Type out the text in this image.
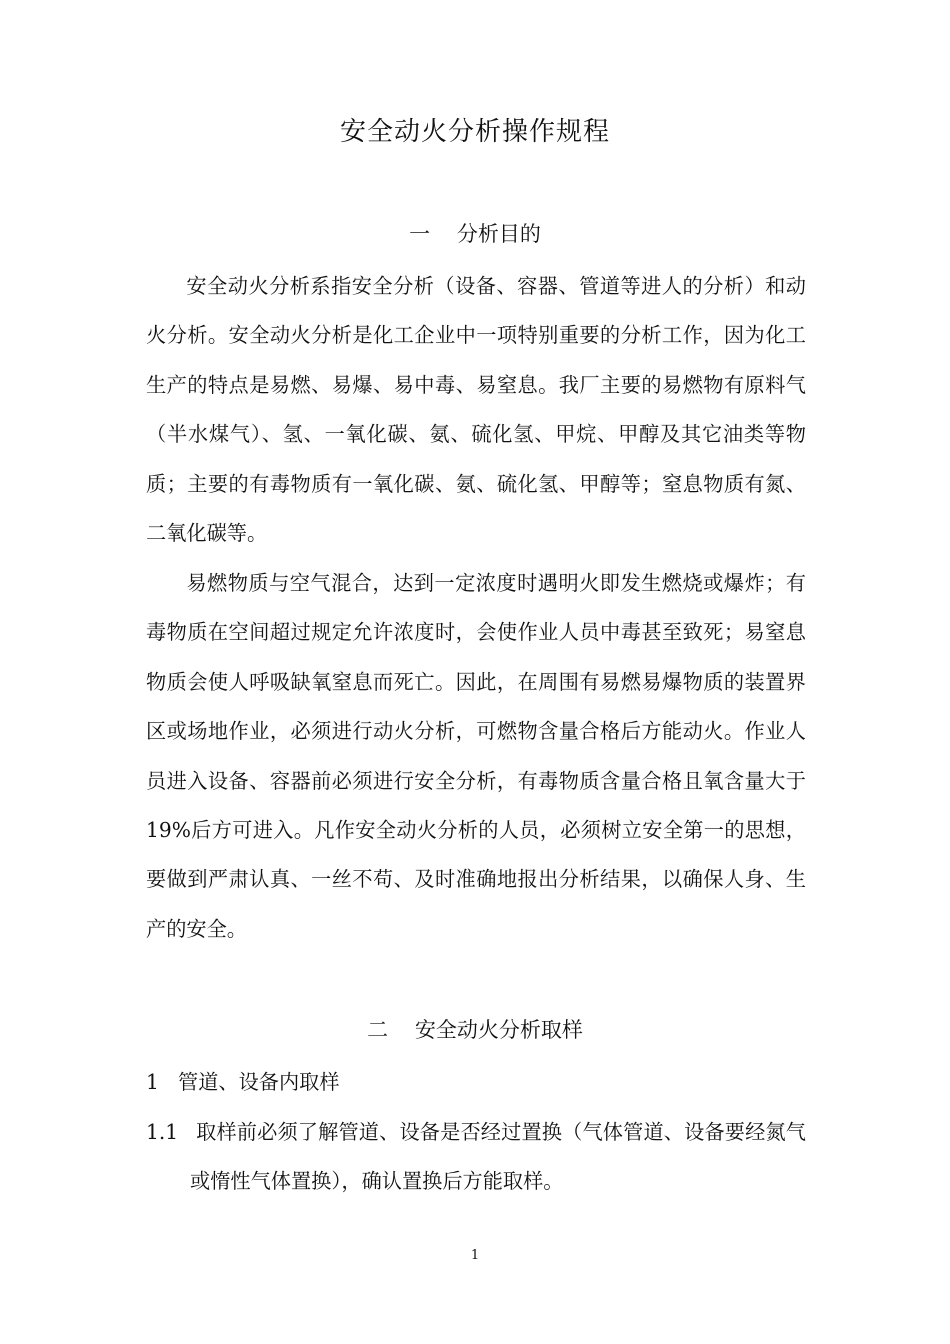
安全动火分析操作规程
一 分析目的

安全动火分析系指安全分析（设备、容器、管道等进人的分析）和动火分析。安全动火分析是化工企业中一项特别重要的分析工作，因为化工生产的特点是易燃、易爆、易中毒、易窒息。我厂主要的易燃物有原料气（半水煤气）、氢、一氧化碳、氨、硫化氢、甲烷、甲醇及其它油类等物质；主要的有毒物质有一氧化碳、氨、硫化氢、甲醇等；窒息物质有氮、二氧化碳等。

易燃物质与空气混合，达到一定浓度时遇明火即发生燃烧或爆炸；有毒物质在空间超过规定允许浓度时，会使作业人员中毒甚至致死；易窒息物质会使人呼吸缺氧窒息而死亡。因此，在周围有易燃易爆物质的装置界区或场地作业，必须进行动火分析，可燃物含量合格后方能动火。作业人员进入设备、容器前必须进行安全分析，有毒物质含量合格且氧含量大于 19%后方可进入。凡作安全动火分析的人员，必须树立安全第一的思想，要做到严肃认真、一丝不苟、及时准确地报出分析结果，以确保人身、生产的安全。

二 安全动火分析取样

1 管道、设备内取样

1.1 取样前必须了解管道、设备是否经过置换（气体管道、设备要经氮气或惰性气体置换），确认置换后方能取样。

1
